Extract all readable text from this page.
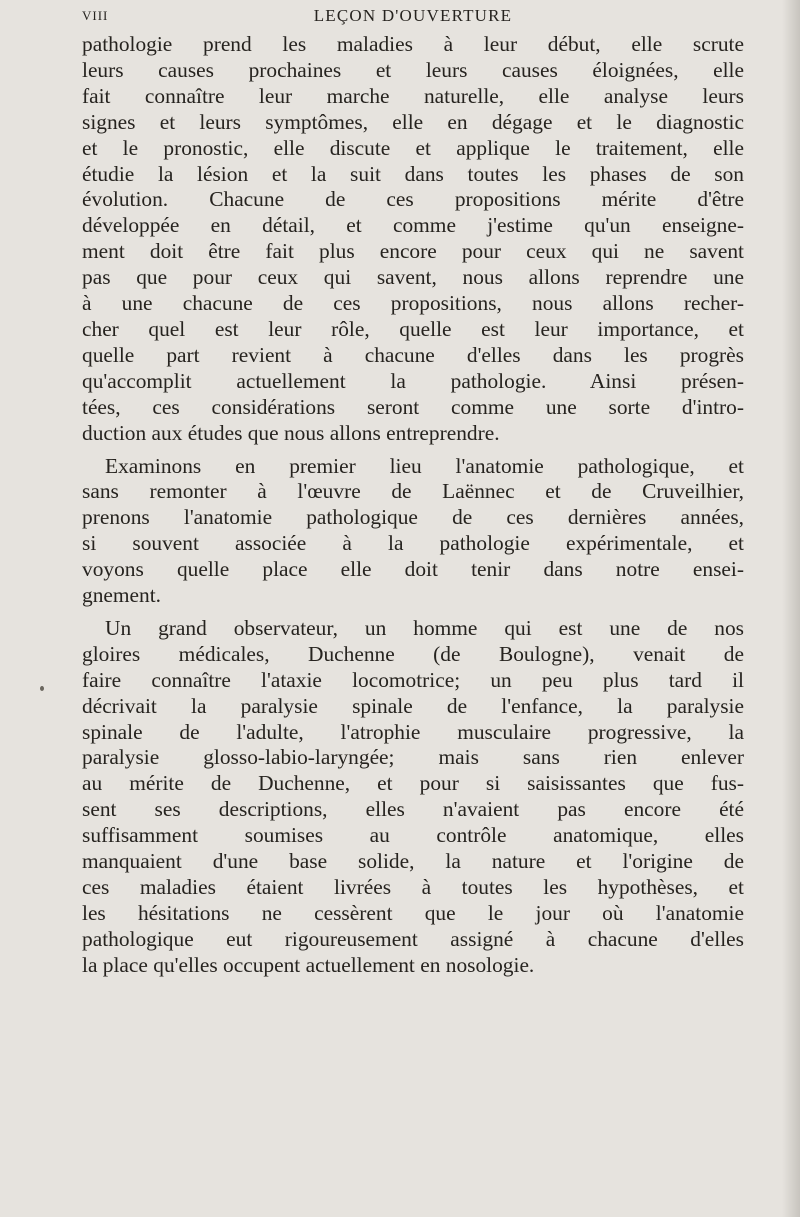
VIII	LEÇON D'OUVERTURE

pathologie prend les maladies à leur début, elle scrute
leurs causes prochaines et leurs causes éloignées, elle
fait connaître leur marche naturelle, elle analyse leurs
signes et leurs symptômes, elle en dégage et le diagnostic
et le pronostic, elle discute et applique le traitement, elle
étudie la lésion et la suit dans toutes les phases de son
évolution. Chacune de ces propositions mérite d'être
développée en détail, et comme j'estime qu'un enseigne-
ment doit être fait plus encore pour ceux qui ne savent
pas que pour ceux qui savent, nous allons reprendre une
à une chacune de ces propositions, nous allons recher-
cher quel est leur rôle, quelle est leur importance, et
quelle part revient à chacune d'elles dans les progrès
qu'accomplit actuellement la pathologie. Ainsi présen-
tées, ces considérations seront comme une sorte d'intro-
duction aux études que nous allons entreprendre.

Examinons en premier lieu l'anatomie pathologique, et
sans remonter à l'œuvre de Laënnec et de Cruveilhier,
prenons l'anatomie pathologique de ces dernières années,
si souvent associée à la pathologie expérimentale, et
voyons quelle place elle doit tenir dans notre ensei-
gnement.

Un grand observateur, un homme qui est une de nos
gloires médicales, Duchenne (de Boulogne), venait de
faire connaître l'ataxie locomotrice; un peu plus tard il
décrivait la paralysie spinale de l'enfance, la paralysie
spinale de l'adulte, l'atrophie musculaire progressive, la
paralysie glosso-labio-laryngée; mais sans rien enlever
au mérite de Duchenne, et pour si saisissantes que fus-
sent ses descriptions, elles n'avaient pas encore été
suffisamment soumises au contrôle anatomique, elles
manquaient d'une base solide, la nature et l'origine de
ces maladies étaient livrées à toutes les hypothèses, et
les hésitations ne cessèrent que le jour où l'anatomie
pathologique eut rigoureusement assigné à chacune d'elles
la place qu'elles occupent actuellement en nosologie.
